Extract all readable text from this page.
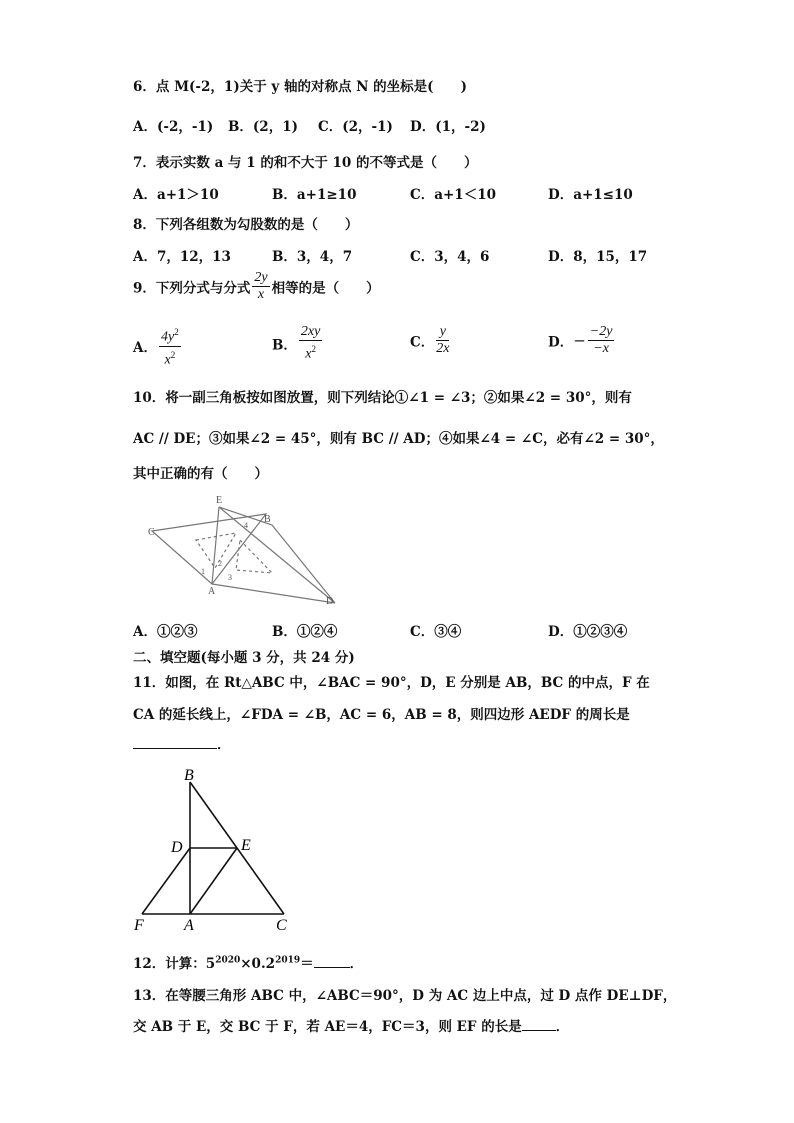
6．点 M(-2，1)关于 y 轴的对称点 N 的坐标是(　　)
A．(-2，-1) B．(2，1) C．(2，-1) D．(1，-2)
7．表示实数 a 与 1 的和不大于 10 的不等式是（　　）
A．a+1＞10	B．a+1≥10	C．a+1＜10	D．a+1≤10
8．下列各组数为勾股数的是（　　）
A．7，12，13	B．3，4，7	C．3，4，6	D．8，15，17
9．下列分式与分式 $\frac{2y}{x}$ 相等的是（　　）
A． $\frac{4y^2}{x^2}$	B． $\frac{2xy}{x^2}$	C． $\frac{y}{2x}$	D．− $\frac{-2y}{-x}$
10．将一副三角板按如图放置，则下列结论①∠1 = ∠3；②如果∠2 = 30°，则有
AC // DE；③如果∠2 = 45°，则有 BC // AD；④如果∠4 = ∠C，必有∠2 = 30°，
其中正确的有（　　）
E
B
C
A
D
1
2
3
4
A．①②③	B．①②④	C．③④	D．①②③④
二、填空题(每小题 3 分，共 24 分)
11．如图，在 Rt△ABC 中，∠BAC = 90°，D，E 分别是 AB，BC 的中点，F 在
CA 的延长线上，∠FDA = ∠B，AC = 6，AB = 8，则四边形 AEDF 的周长是
．
B
D	E
F	A	C
12．计算：$5^{2020}\times 0.2^{2019}=$	．
13．在等腰三角形 ABC 中，∠ABC＝90°，D 为 AC 边上中点，过 D 点作 DE⊥DF，
交 AB 于 E，交 BC 于 F，若 AE＝4，FC＝3，则 EF 的长是	．
